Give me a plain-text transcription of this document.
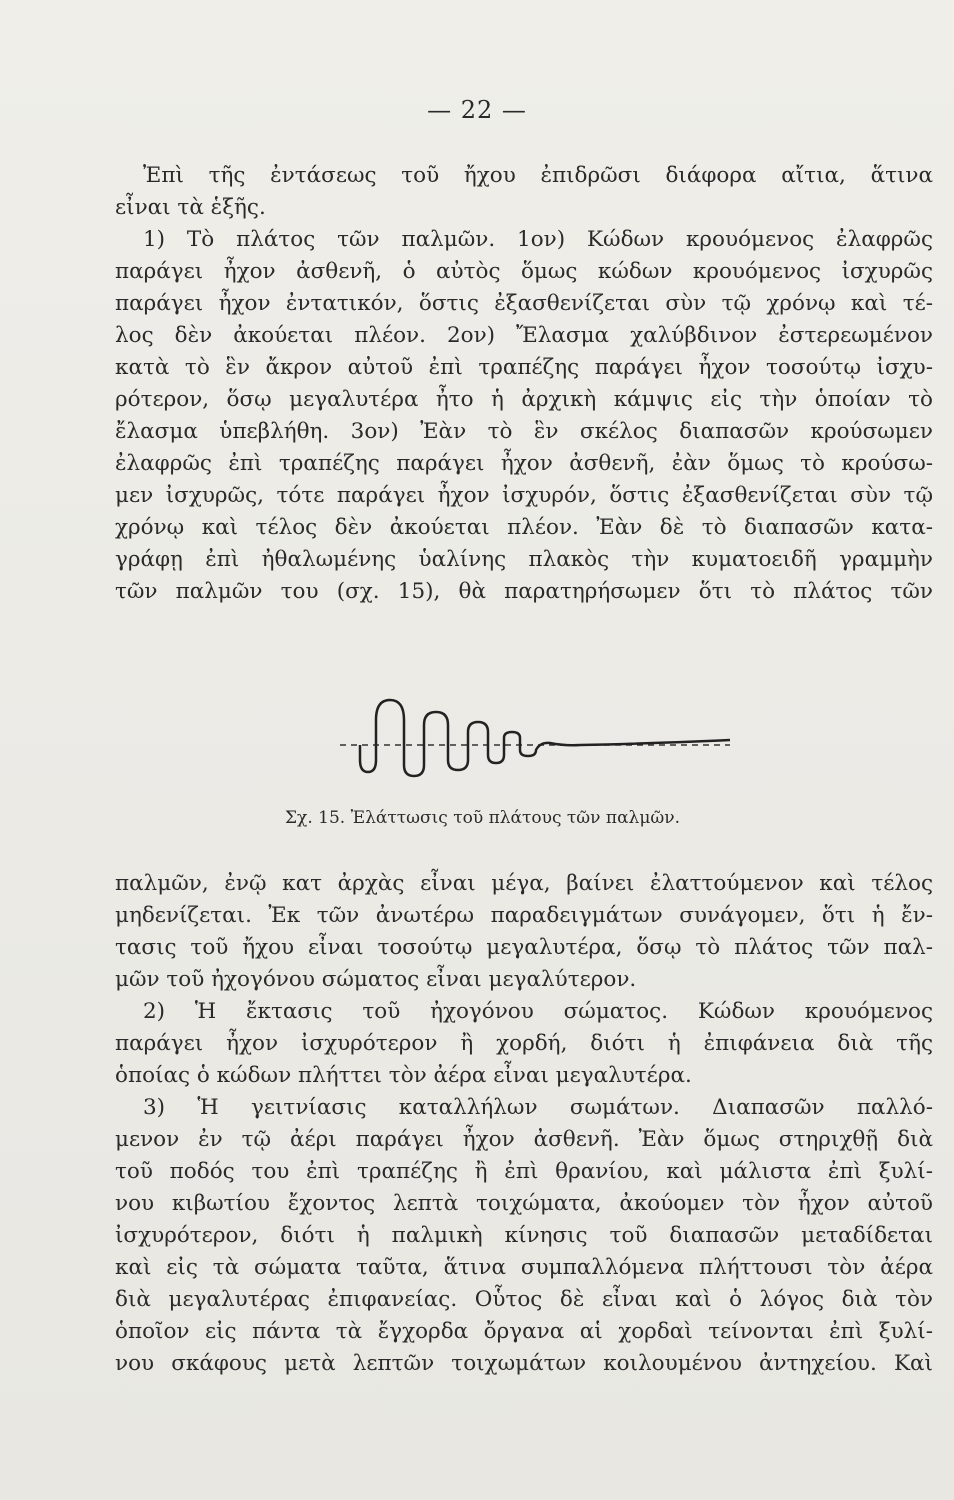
— 22 —
Ἐπὶ τῆς ἐντάσεως τοῦ ἤχου ἐπιδρῶσι διάφορα αἴτια, ἅτινα
εἶναι τὰ ἑξῆς.
1) Τὸ πλάτος τῶν παλμῶν. 1ον) Κώδων κρουόμενος ἐλαφρῶς
παράγει ἦχον ἀσθενῆ, ὁ αὐτὸς ὅμως κώδων κρουόμενος ἰσχυρῶς
παράγει ἦχον ἐντατικόν, ὅστις ἐξασθενίζεται σὺν τῷ χρόνῳ καὶ τέ-
λος δὲν ἀκούεται πλέον. 2ον) Ἔλασμα χαλύβδινον ἐστερεωμένον
κατὰ τὸ ἓν ἄκρον αὐτοῦ ἐπὶ τραπέζης παράγει ἦχον τοσούτῳ ἰσχυ-
ρότερον, ὅσῳ μεγαλυτέρα ἦτο ἡ ἀρχικὴ κάμψις εἰς τὴν ὁποίαν τὸ
ἔλασμα ὑπεβλήθη. 3ον) Ἐὰν τὸ ἓν σκέλος διαπασῶν κρούσωμεν
ἐλαφρῶς ἐπὶ τραπέζης παράγει ἦχον ἀσθενῆ, ἐὰν ὅμως τὸ κρούσω-
μεν ἰσχυρῶς, τότε παράγει ἦχον ἰσχυρόν, ὅστις ἐξασθενίζεται σὺν τῷ
χρόνῳ καὶ τέλος δὲν ἀκούεται πλέον. Ἐὰν δὲ τὸ διαπασῶν κατα-
γράφῃ ἐπὶ ἠθαλωμένης ὑαλίνης πλακὸς τὴν κυματοειδῆ γραμμὴν
τῶν παλμῶν του (σχ. 15), θὰ παρατηρήσωμεν ὅτι τὸ πλάτος τῶν
Σχ. 15. Ἐλάττωσις τοῦ πλάτους τῶν παλμῶν.
παλμῶν, ἐνῷ κατ ἀρχὰς εἶναι μέγα, βαίνει ἐλαττούμενον καὶ τέλος
μηδενίζεται. Ἐκ τῶν ἀνωτέρω παραδειγμάτων συνάγομεν, ὅτι ἡ ἔν-
τασις τοῦ ἤχου εἶναι τοσούτῳ μεγαλυτέρα, ὅσῳ τὸ πλάτος τῶν παλ-
μῶν τοῦ ἠχογόνου σώματος εἶναι μεγαλύτερον.
2) Ἡ ἔκτασις τοῦ ἠχογόνου σώματος. Κώδων κρουόμενος
παράγει ἦχον ἰσχυρότερον ἢ χορδή, διότι ἡ ἐπιφάνεια διὰ τῆς
ὁποίας ὁ κώδων πλήττει τὸν ἀέρα εἶναι μεγαλυτέρα.
3) Ἡ γειτνίασις καταλλήλων σωμάτων. Διαπασῶν παλλό-
μενον ἐν τῷ ἀέρι παράγει ἦχον ἀσθενῆ. Ἐὰν ὅμως στηριχθῇ διὰ
τοῦ ποδός του ἐπὶ τραπέζης ἢ ἐπὶ θρανίου, καὶ μάλιστα ἐπὶ ξυλί-
νου κιβωτίου ἔχοντος λεπτὰ τοιχώματα, ἀκούομεν τὸν ἦχον αὐτοῦ
ἰσχυρότερον, διότι ἡ παλμικὴ κίνησις τοῦ διαπασῶν μεταδίδεται
καὶ εἰς τὰ σώματα ταῦτα, ἅτινα συμπαλλόμενα πλήττουσι τὸν ἀέρα
διὰ μεγαλυτέρας ἐπιφανείας. Οὗτος δὲ εἶναι καὶ ὁ λόγος διὰ τὸν
ὁποῖον εἰς πάντα τὰ ἔγχορδα ὄργανα αἱ χορδαὶ τείνονται ἐπὶ ξυλί-
νου σκάφους μετὰ λεπτῶν τοιχωμάτων κοιλουμένου ἀντηχείου. Καὶ
